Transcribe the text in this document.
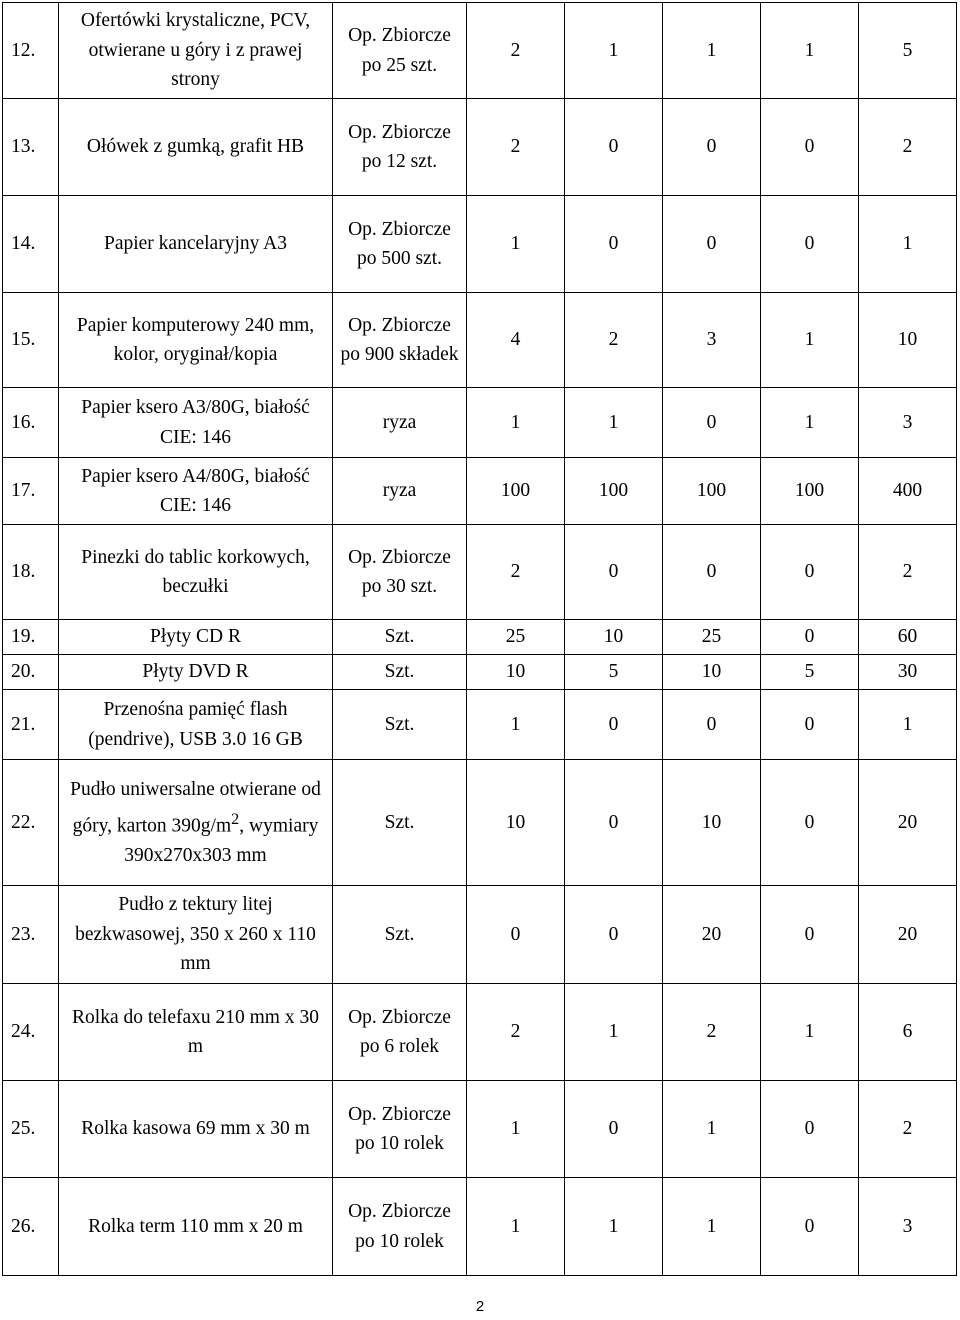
12.	Ofertówki krystaliczne, PCV, otwierane u góry i z prawej strony	Op. Zbiorcze po 25 szt.	2	1	1	1	5
13.	Ołówek z gumką, grafit HB	Op. Zbiorcze po 12 szt.	2	0	0	0	2
14.	Papier kancelaryjny A3	Op. Zbiorcze po 500 szt.	1	0	0	0	1
15.	Papier komputerowy 240 mm, kolor, oryginał/kopia	Op. Zbiorcze po 900 składek	4	2	3	1	10
16.	Papier ksero A3/80G, białość CIE: 146	ryza	1	1	0	1	3
17.	Papier ksero A4/80G, białość CIE: 146	ryza	100	100	100	100	400
18.	Pinezki do tablic korkowych, beczułki	Op. Zbiorcze po 30 szt.	2	0	0	0	2
19.	Płyty CD R	Szt.	25	10	25	0	60
20.	Płyty DVD R	Szt.	10	5	10	5	30
21.	Przenośna pamięć flash (pendrive), USB 3.0 16 GB	Szt.	1	0	0	0	1
22.	Pudło uniwersalne otwierane od góry, karton $390g/m^2$, wymiary 390x270x303 mm	Szt.	10	0	10	0	20
23.	Pudło z tektury litej bezkwasowej, 350 x 260 x 110 mm	Szt.	0	0	20	0	20
24.	Rolka do telefaxu 210 mm x 30 m	Op. Zbiorcze po 6 rolek	2	1	2	1	6
25.	Rolka kasowa 69 mm x 30 m	Op. Zbiorcze po 10 rolek	1	0	1	0	2
26.	Rolka term 110 mm x 20 m	Op. Zbiorcze po 10 rolek	1	1	1	0	3
2
